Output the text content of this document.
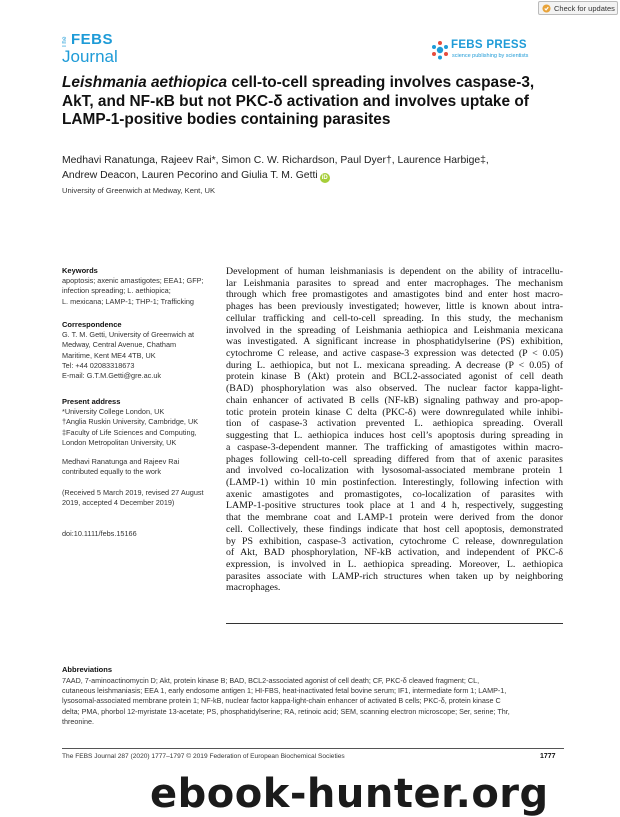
Check for updates
The FEBS
Journal
FEBS PRESS
science publishing by scientists
Leishmania aethiopica cell-to-cell spreading involves caspase-3, AkT, and NF-κB but not PKC-δ activation and involves uptake of LAMP-1-positive bodies containing parasites
Medhavi Ranatunga, Rajeev Rai*, Simon C. W. Richardson, Paul Dyer†, Laurence Harbige‡,
Andrew Deacon, Lauren Pecorino and Giulia T. M. Getti iD
University of Greenwich at Medway, Kent, UK
Keywords
apoptosis; axenic amastigotes; EEA1; GFP;
infection spreading; L. aethiopica;
L. mexicana; LAMP-1; THP-1; Trafficking
Correspondence
G. T. M. Getti, University of Greenwich at
Medway, Central Avenue, Chatham
Maritime, Kent ME4 4TB, UK
Tel: +44 02083318673
E-mail: G.T.M.Getti@gre.ac.uk
Present address
*University College London, UK
†Anglia Ruskin University, Cambridge, UK
‡Faculty of Life Sciences and Computing,
London Metropolitan University, UK
Medhavi Ranatunga and Rajeev Rai
contributed equally to the work
(Received 5 March 2019, revised 27 August
2019, accepted 4 December 2019)
doi:10.1111/febs.15166
Development of human leishmaniasis is dependent on the ability of intracellu-
lar Leishmania parasites to spread and enter macrophages. The mechanism
through which free promastigotes and amastigotes bind and enter host macro-
phages has been previously investigated; however, little is known about intra-
cellular trafficking and cell-to-cell spreading. In this study, the mechanism
involved in the spreading of Leishmania aethiopica and Leishmania mexicana
was investigated. A significant increase in phosphatidylserine (PS) exhibition,
cytochrome C release, and active caspase-3 expression was detected (P < 0.05)
during L. aethiopica, but not L. mexicana spreading. A decrease (P < 0.05) of
protein kinase B (Akt) protein and BCL2-associated agonist of cell death
(BAD) phosphorylation was also observed. The nuclear factor kappa-light-
chain enhancer of activated B cells (NF-kB) signaling pathway and pro-apop-
totic protein protein kinase C delta (PKC-δ) were downregulated while inhibi-
tion of caspase-3 activation prevented L. aethiopica spreading. Overall
suggesting that L. aethiopica induces host cell’s apoptosis during spreading in
a caspase-3-dependent manner. The trafficking of amastigotes within macro-
phages following cell-to-cell spreading differed from that of axenic parasites
and involved co-localization with lysosomal-associated membrane protein 1
(LAMP-1) within 10 min postinfection. Interestingly, following infection with
axenic amastigotes and promastigotes, co-localization of parasites with
LAMP-1-positive structures took place at 1 and 4 h, respectively, suggesting
that the membrane coat and LAMP-1 protein were derived from the donor
cell. Collectively, these findings indicate that host cell apoptosis, demonstrated
by PS exhibition, caspase-3 activation, cytochrome C release, downregulation
of Akt, BAD phosphorylation, NF-kB activation, and independent of PKC-δ
expression, is involved in L. aethiopica spreading. Moreover, L. aethiopica
parasites associate with LAMP-rich structures when taken up by neighboring
macrophages.
Abbreviations
7AAD, 7-aminoactinomycin D; Akt, protein kinase B; BAD, BCL2-associated agonist of cell death; CF, PKC-δ cleaved fragment; CL,
cutaneous leishmaniasis; EEA 1, early endosome antigen 1; HI-FBS, heat-inactivated fetal bovine serum; IF1, intermediate form 1; LAMP-1,
lysosomal-associated membrane protein 1; NF-kB, nuclear factor kappa-light-chain enhancer of activated B cells; PKC-δ, protein kinase C
delta; PMA, phorbol 12-myristate 13-acetate; PS, phosphatidylserine; RA, retinoic acid; SEM, scanning electron microscope; Ser, serine; Thr,
threonine.
The FEBS Journal 287 (2020) 1777–1797 © 2019 Federation of European Biochemical Societies	1777
ebook-hunter.org
